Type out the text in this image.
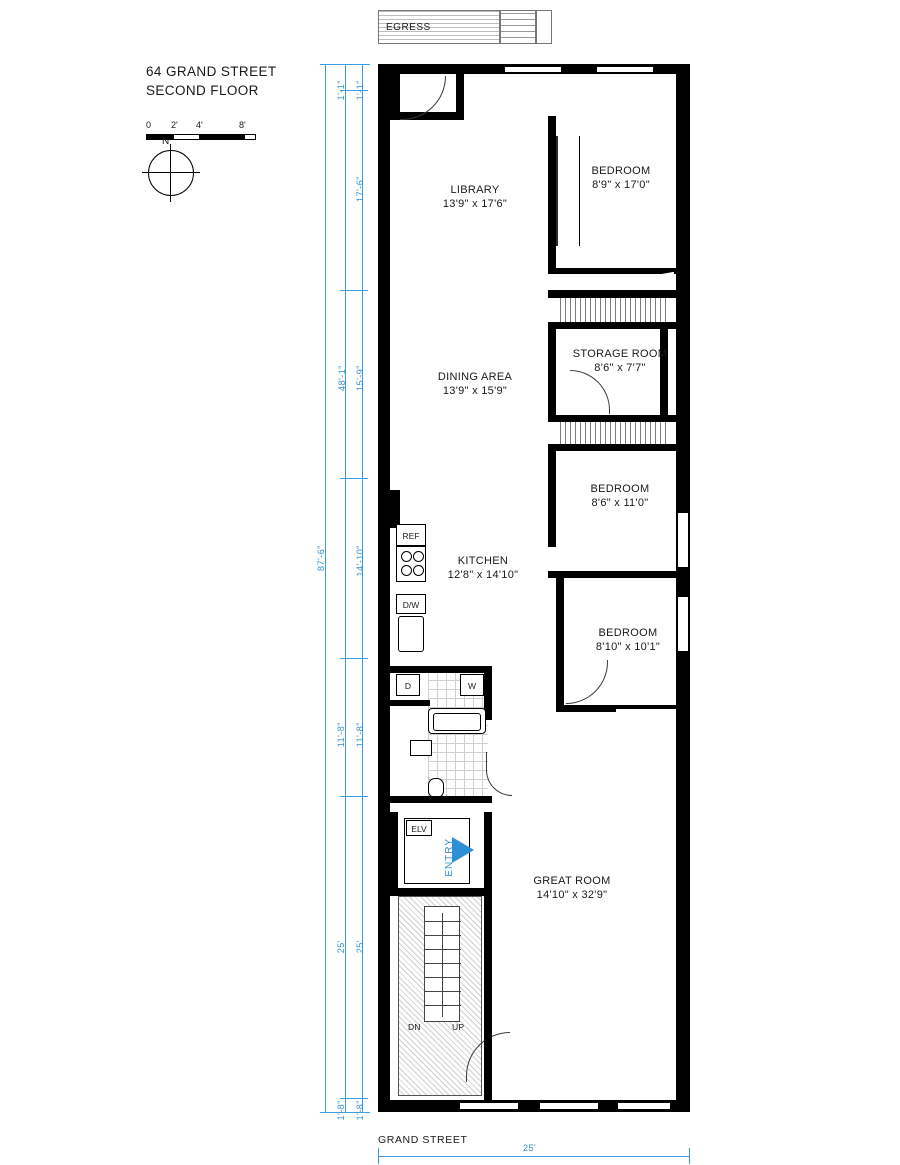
64 GRAND STREET
SECOND FLOOR
0 2' 4'	8'
N
EGRESS
LIBRARY
13'9" x 17'6"
DINING AREA
13'9" x 15'9"
KITCHEN
12'8" x 14'10"
GREAT ROOM
14'10" x 32'9"
REF
D/W
D	W
ELV
ENTRY
DN	UP
BEDROOM
8'9" x 17'0"
STORAGE ROOM
8'6" x 7'7"
BEDROOM
8'6" x 11'0"
BEDROOM
8'10" x 10'1"
87'-6"
48'-1"
1'-1" 1'-1"
17'-6"
15'-9"
14'-10"
11'-8" 11'-8"
25' 25'
1'-8" 1'-8"
25'
GRAND STREET
